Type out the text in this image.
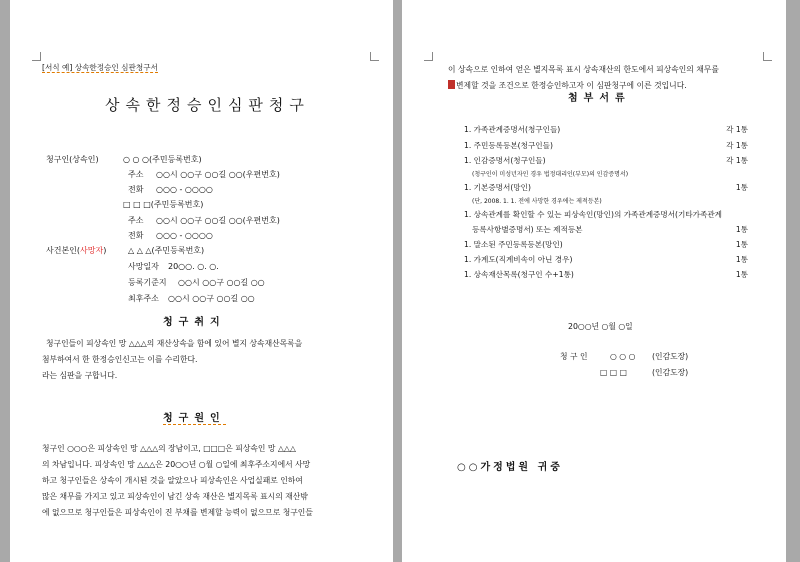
[서식 예] 상속한정승인 심판청구서
상속한정승인심판청구
청구인(상속인)	○ ○ ○(주민등록번호)
주소 ○○시 ○○구 ○○길 ○○(우편번호)
전화 ○○○ - ○○○○
□ □ □(주민등록번호)
주소 ○○시 ○○구 ○○길 ○○(우편번호)
전화 ○○○ - ○○○○
사건본인(사망자)	△ △ △(주민등록번호)
사망일자 20○○. ○. ○.
등록기준지 ○○시 ○○구 ○○길 ○○
최후주소 ○○시 ○○구 ○○길 ○○
청구취지
청구인들이 피상속인 망 △△△의 재산상속을 함에 있어 별지 상속재산목록을
첨부하여서 한 한정승인신고는 이를 수리한다.
라는 심판을 구합니다.
청구원인
청구인 ○○○은 피상속인 망 △△△의 장남이고, □□□은 피상속인 망 △△△
의 차남입니다. 피상속인 망 △△△은 20○○년 ○월 ○일에 최후주소지에서 사망
하고 청구인들은 상속이 개시된 것을 알았으나 피상속인은 사업실패로 인하여
많은 채무를 가지고 있고 피상속인이 남긴 상속 재산은 별지목록 표시의 재산밖
에 없으므로 청구인들은 피상속인이 진 부채를 변제할 능력이 없으므로 청구인들
이 상속으로 인하여 얻은 별지목록 표시 상속재산의 한도에서 피상속인의 채무를
변제할 것을 조건으로 한정승인하고자 이 심판청구에 이른 것입니다.
첨부서류
1. 가족관계증명서(청구인들)	각 1통
1. 주민등록등본(청구인들)	각 1통
1. 인감증명서(청구인들)	각 1통
(청구인이 미성년자인 경우 법정대리인(부모)의 인감증명서)
1. 기본증명서(망인)	1통
(단, 2008. 1. 1. 전에 사망한 경우에는 제적등본)
1. 상속관계를 확인할 수 있는 피상속인(망인)의 가족관계증명서(기타가족관계
등록사항별증명서) 또는 제적등본	1통
1. 말소된 주민등록등본(망인)	1통
1. 가계도(직계비속이 아닌 경우)	1통
1. 상속재산목록(청구인 수+1통)	1통
20○○년 ○월 ○일
청 구 인	○ ○ ○ (인감도장)
□ □ □	(인감도장)
○○가정법원 귀중
